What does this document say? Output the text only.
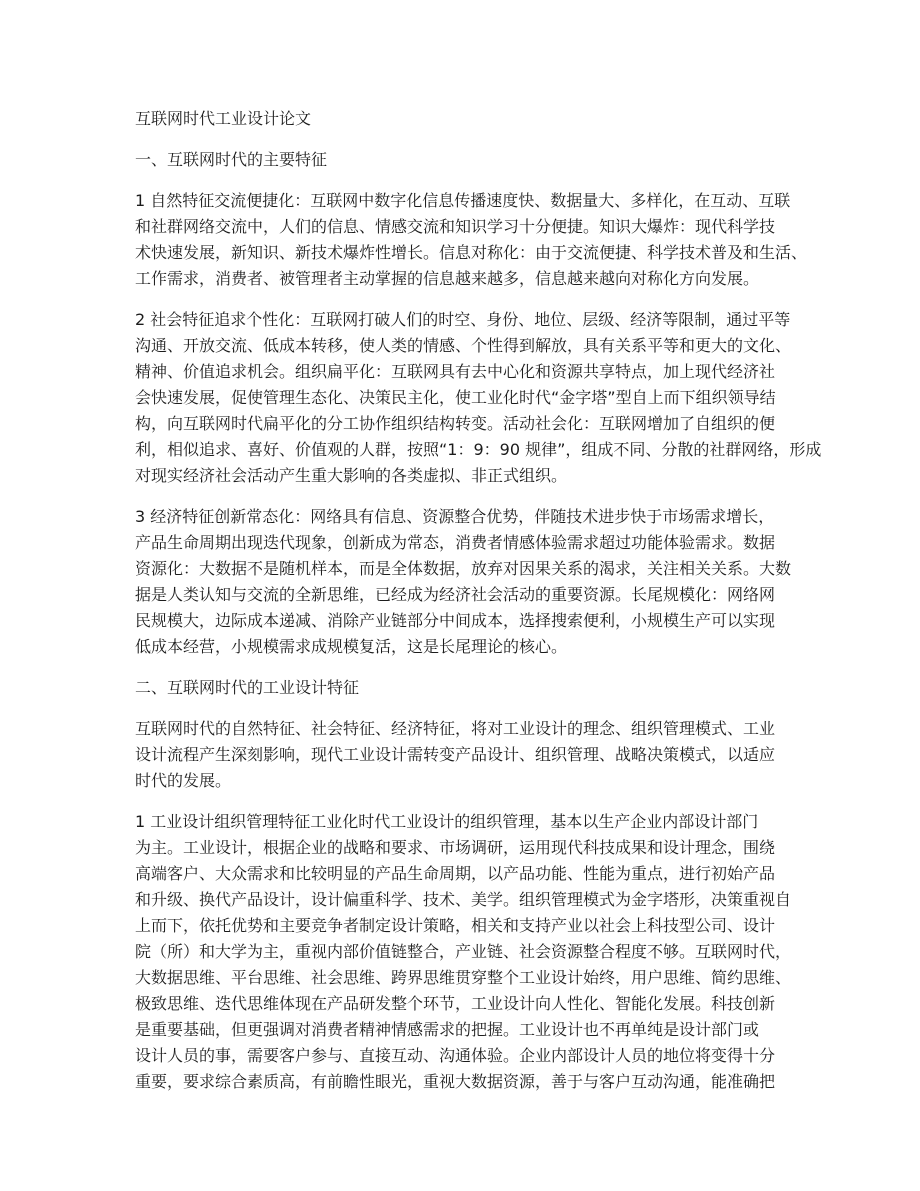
互联网时代工业设计论文
一、互联网时代的主要特征
1 自然特征交流便捷化：互联网中数字化信息传播速度快、数据量大、多样化，在互动、互联
和社群网络交流中，人们的信息、情感交流和知识学习十分便捷。知识大爆炸：现代科学技
术快速发展，新知识、新技术爆炸性增长。信息对称化：由于交流便捷、科学技术普及和生活、
工作需求，消费者、被管理者主动掌握的信息越来越多，信息越来越向对称化方向发展。
2 社会特征追求个性化：互联网打破人们的时空、身份、地位、层级、经济等限制，通过平等
沟通、开放交流、低成本转移，使人类的情感、个性得到解放，具有关系平等和更大的文化、
精神、价值追求机会。组织扁平化：互联网具有去中心化和资源共享特点，加上现代经济社
会快速发展，促使管理生态化、决策民主化，使工业化时代“金字塔”型自上而下组织领导结
构，向互联网时代扁平化的分工协作组织结构转变。活动社会化：互联网增加了自组织的便
利，相似追求、喜好、价值观的人群，按照“1：9：90 规律”，组成不同、分散的社群网络，形成
对现实经济社会活动产生重大影响的各类虚拟、非正式组织。
3 经济特征创新常态化：网络具有信息、资源整合优势，伴随技术进步快于市场需求增长，
产品生命周期出现迭代现象，创新成为常态，消费者情感体验需求超过功能体验需求。数据
资源化：大数据不是随机样本，而是全体数据，放弃对因果关系的渴求，关注相关关系。大数
据是人类认知与交流的全新思维，已经成为经济社会活动的重要资源。长尾规模化：网络网
民规模大，边际成本递减、消除产业链部分中间成本，选择搜索便利，小规模生产可以实现
低成本经营，小规模需求成规模复活，这是长尾理论的核心。
二、互联网时代的工业设计特征
互联网时代的自然特征、社会特征、经济特征，将对工业设计的理念、组织管理模式、工业
设计流程产生深刻影响，现代工业设计需转变产品设计、组织管理、战略决策模式，以适应
时代的发展。
1 工业设计组织管理特征工业化时代工业设计的组织管理，基本以生产企业内部设计部门
为主。工业设计，根据企业的战略和要求、市场调研，运用现代科技成果和设计理念，围绕
高端客户、大众需求和比较明显的产品生命周期，以产品功能、性能为重点，进行初始产品
和升级、换代产品设计，设计偏重科学、技术、美学。组织管理模式为金字塔形，决策重视自
上而下，依托优势和主要竞争者制定设计策略，相关和支持产业以社会上科技型公司、设计
院（所）和大学为主，重视内部价值链整合，产业链、社会资源整合程度不够。互联网时代，
大数据思维、平台思维、社会思维、跨界思维贯穿整个工业设计始终，用户思维、简约思维、
极致思维、迭代思维体现在产品研发整个环节，工业设计向人性化、智能化发展。科技创新
是重要基础，但更强调对消费者精神情感需求的把握。工业设计也不再单纯是设计部门或
设计人员的事，需要客户参与、直接互动、沟通体验。企业内部设计人员的地位将变得十分
重要，要求综合素质高，有前瞻性眼光，重视大数据资源，善于与客户互动沟通，能准确把
